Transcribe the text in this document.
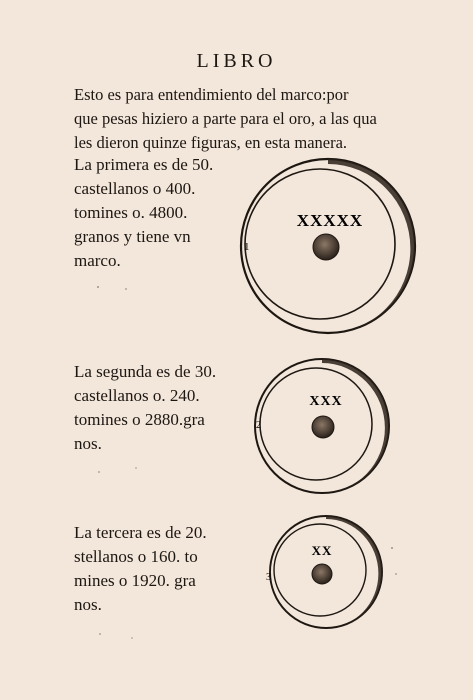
LIBRO
Esto es para entendimiento del marco:por
que pesas hiziero a parte para el oro, a las qua
les dieron quinze figuras, en esta manera.
La primera es de 50.
castellanos o 400.
tomines o. 4800.
granos y tiene vn
marco.
La segunda es de 30.
castellanos o. 240.
tomines o 2880.gra
nos.
La tercera es de 20.
stellanos o 160. to
mines o 1920. gra
nos.
XXXXX
1
XXX
2
XX
3
